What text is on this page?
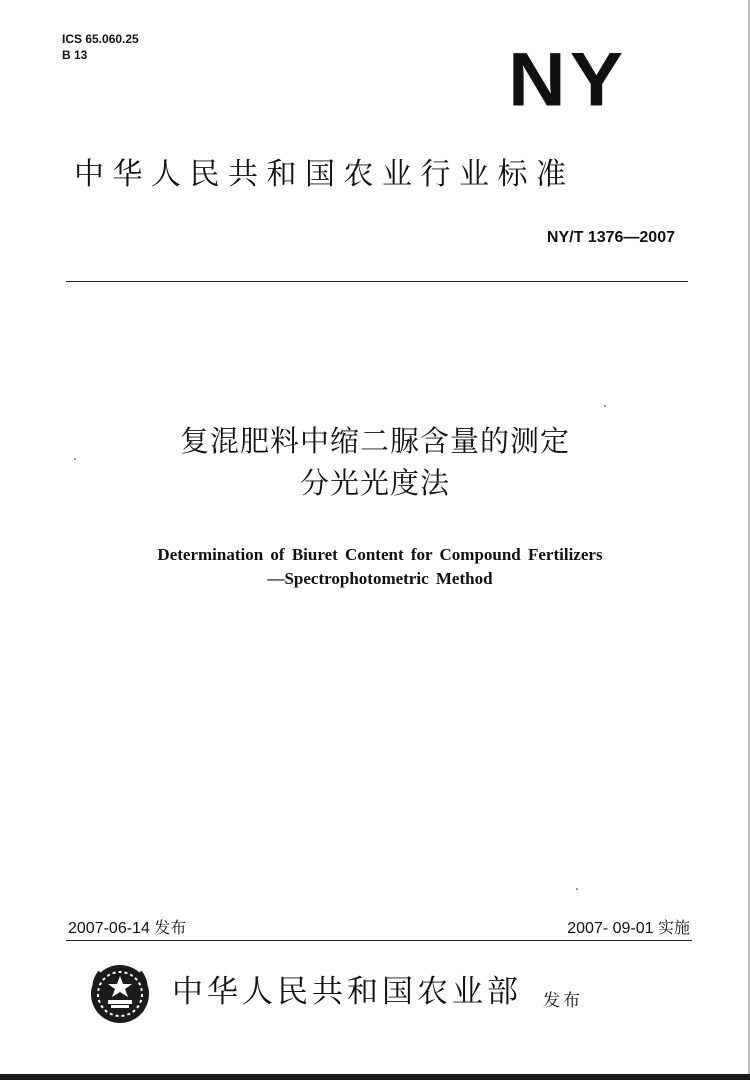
ICS 65.060.25
B 13	NY
中华人民共和国农业行业标准
NY/T 1376—2007
复混肥料中缩二脲含量的测定
分光光度法
Determination of Biuret Content for Compound Fertilizers
—Spectrophotometric Method
2007-06-14 发布	2007- 09-01 实施
中华人民共和国农业部 发布
